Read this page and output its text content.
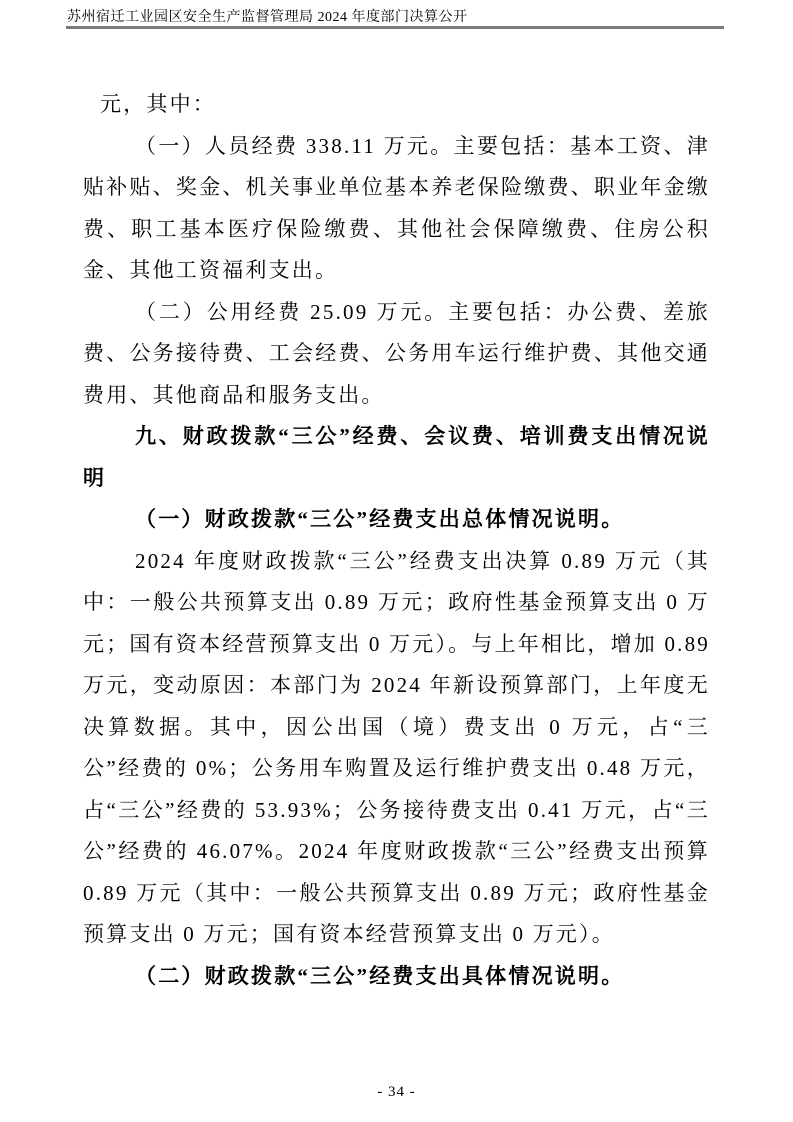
苏州宿迁工业园区安全生产监督管理局 2024 年度部门决算公开

元，其中：

（一）人员经费 338.11 万元。主要包括：基本工资、津贴补贴、奖金、机关事业单位基本养老保险缴费、职业年金缴费、职工基本医疗保险缴费、其他社会保障缴费、住房公积金、其他工资福利支出。

（二）公用经费 25.09 万元。主要包括：办公费、差旅费、公务接待费、工会经费、公务用车运行维护费、其他交通费用、其他商品和服务支出。

九、财政拨款“三公”经费、会议费、培训费支出情况说明

（一）财政拨款“三公”经费支出总体情况说明。

2024 年度财政拨款“三公”经费支出决算 0.89 万元（其中：一般公共预算支出 0.89 万元；政府性基金预算支出 0 万元；国有资本经营预算支出 0 万元）。与上年相比，增加 0.89 万元，变动原因：本部门为 2024 年新设预算部门，上年度无决算数据。其中，因公出国（境）费支出 0 万元，占“三公”经费的 0%；公务用车购置及运行维护费支出 0.48 万元，占“三公”经费的 53.93%；公务接待费支出 0.41 万元，占“三公”经费的 46.07%。2024 年度财政拨款“三公”经费支出预算 0.89 万元（其中：一般公共预算支出 0.89 万元；政府性基金预算支出 0 万元；国有资本经营预算支出 0 万元）。

（二）财政拨款“三公”经费支出具体情况说明。

- 34 -
